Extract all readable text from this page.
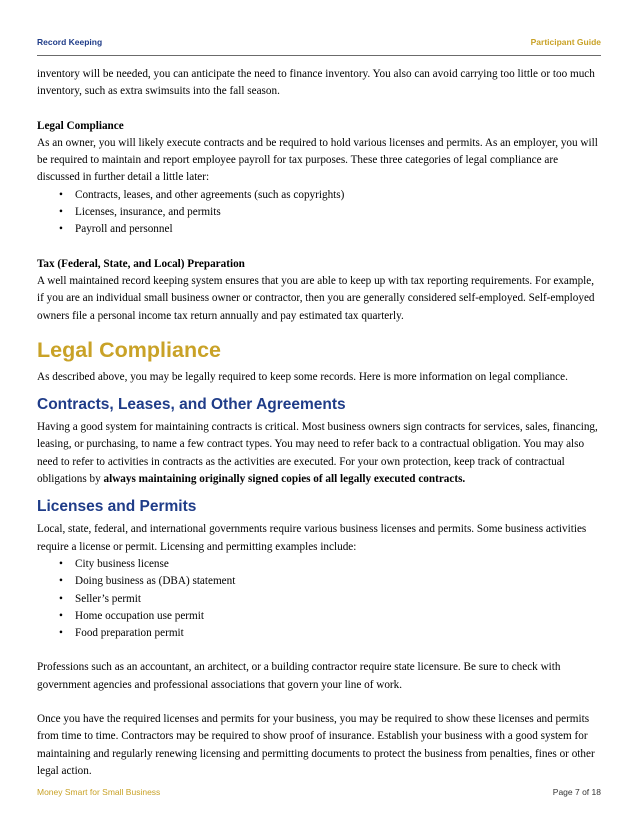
Record Keeping	Participant Guide

inventory will be needed, you can anticipate the need to finance inventory. You also can avoid carrying too little or too much inventory, such as extra swimsuits into the fall season.

Legal Compliance

As an owner, you will likely execute contracts and be required to hold various licenses and permits. As an employer, you will be required to maintain and report employee payroll for tax purposes. These three categories of legal compliance are discussed in further detail a little later:

• Contracts, leases, and other agreements (such as copyrights)
• Licenses, insurance, and permits
• Payroll and personnel

Tax (Federal, State, and Local) Preparation

A well maintained record keeping system ensures that you are able to keep up with tax reporting requirements. For example, if you are an individual small business owner or contractor, then you are generally considered self-employed. Self-employed owners file a personal income tax return annually and pay estimated tax quarterly.

Legal Compliance

As described above, you may be legally required to keep some records. Here is more information on legal compliance.

Contracts, Leases, and Other Agreements

Having a good system for maintaining contracts is critical. Most business owners sign contracts for services, sales, financing, leasing, or purchasing, to name a few contract types. You may need to refer back to a contractual obligation. You may also need to refer to activities in contracts as the activities are executed. For your own protection, keep track of contractual obligations by always maintaining originally signed copies of all legally executed contracts.

Licenses and Permits

Local, state, federal, and international governments require various business licenses and permits. Some business activities require a license or permit. Licensing and permitting examples include:

• City business license
• Doing business as (DBA) statement
• Seller’s permit
• Home occupation use permit
• Food preparation permit

Professions such as an accountant, an architect, or a building contractor require state licensure. Be sure to check with government agencies and professional associations that govern your line of work.

Once you have the required licenses and permits for your business, you may be required to show these licenses and permits from time to time. Contractors may be required to show proof of insurance. Establish your business with a good system for maintaining and regularly renewing licensing and permitting documents to protect the business from penalties, fines or other legal action.

Money Smart for Small Business	Page 7 of 18
